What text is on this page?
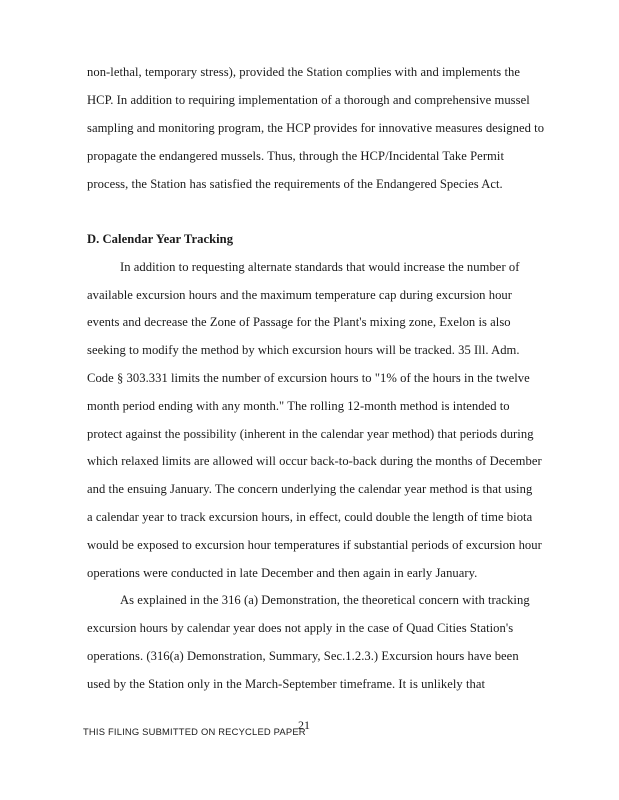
non-lethal, temporary stress), provided the Station complies with and implements the
HCP. In addition to requiring implementation of a thorough and comprehensive mussel
sampling and monitoring program, the HCP provides for innovative measures designed to
propagate the endangered mussels. Thus, through the HCP/Incidental Take Permit
process, the Station has satisfied the requirements of the Endangered Species Act.
D. Calendar Year Tracking
In addition to requesting alternate standards that would increase the number of
available excursion hours and the maximum temperature cap during excursion hour
events and decrease the Zone of Passage for the Plant's mixing zone, Exelon is also
seeking to modify the method by which excursion hours will be tracked. 35 Ill. Adm.
Code § 303.331 limits the number of excursion hours to "1% of the hours in the twelve
month period ending with any month." The rolling 12-month method is intended to
protect against the possibility (inherent in the calendar year method) that periods during
which relaxed limits are allowed will occur back-to-back during the months of December
and the ensuing January. The concern underlying the calendar year method is that using
a calendar year to track excursion hours, in effect, could double the length of time biota
would be exposed to excursion hour temperatures if substantial periods of excursion hour
operations were conducted in late December and then again in early January.
As explained in the 316 (a) Demonstration, the theoretical concern with tracking
excursion hours by calendar year does not apply in the case of Quad Cities Station's
operations. (316(a) Demonstration, Summary, Sec.1.2.3.) Excursion hours have been
used by the Station only in the March-September timeframe. It is unlikely that
21
THIS FILING SUBMITTED ON RECYCLED PAPER
